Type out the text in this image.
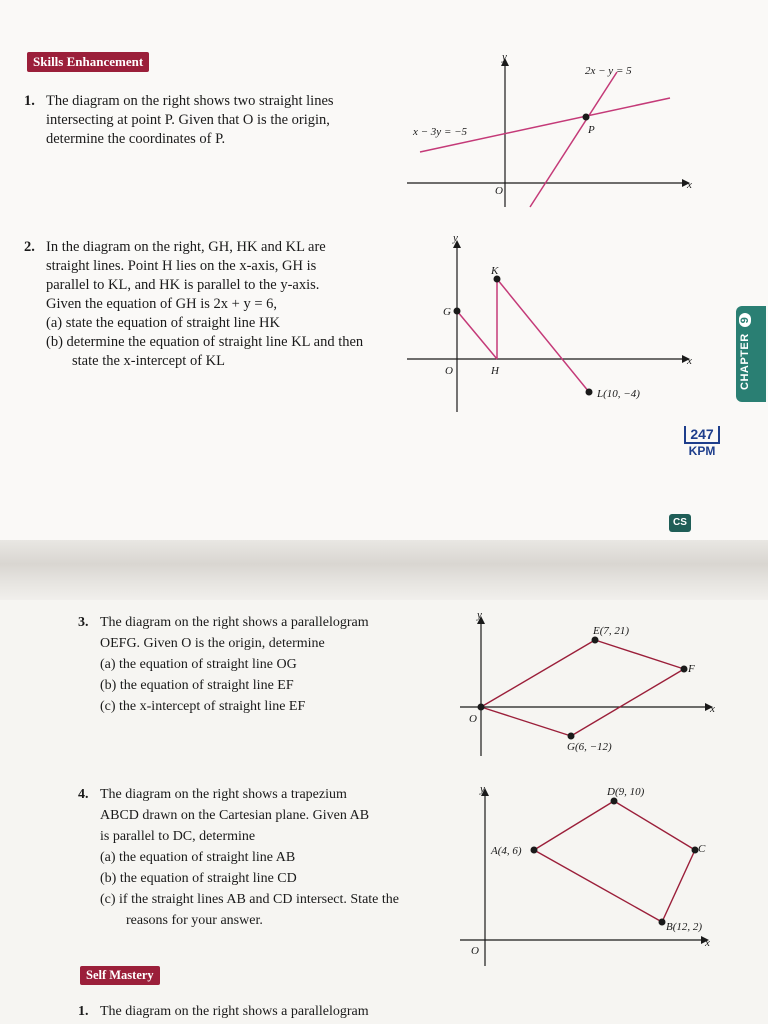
Skills Enhancement
1. The diagram on the right shows two straight lines
intersecting at point P. Given that O is the origin,
determine the coordinates of P.
y
x
O
2x − y = 5
x − 3y = −5	P
2. In the diagram on the right, GH, HK and KL are
straight lines. Point H lies on the x-axis, GH is
parallel to KL, and HK is parallel to the y-axis.
Given the equation of GH is 2x + y = 6,
(a) state the equation of straight line HK
(b) determine the equation of straight line KL and then state the x-intercept of KL
y
x
O
G
H
K
L(10, −4)
CHAPTER9
247
KPM
CS
3. The diagram on the right shows a parallelogram
OEFG. Given O is the origin, determine
(a) the equation of straight line OG
(b) the equation of straight line EF
(c) the x-intercept of straight line EF
y
x
O
E(7, 21)
F
G(6, −12)
4. The diagram on the right shows a trapezium
ABCD drawn on the Cartesian plane. Given AB
is parallel to DC, determine
(a) the equation of straight line AB
(b) the equation of straight line CD
(c) if the straight lines AB and CD intersect. State the reasons for your answer.
y
x
O
A(4, 6)
D(9, 10)
C
B(12, 2)
Self Mastery
1. The diagram on the right shows a parallelogram
